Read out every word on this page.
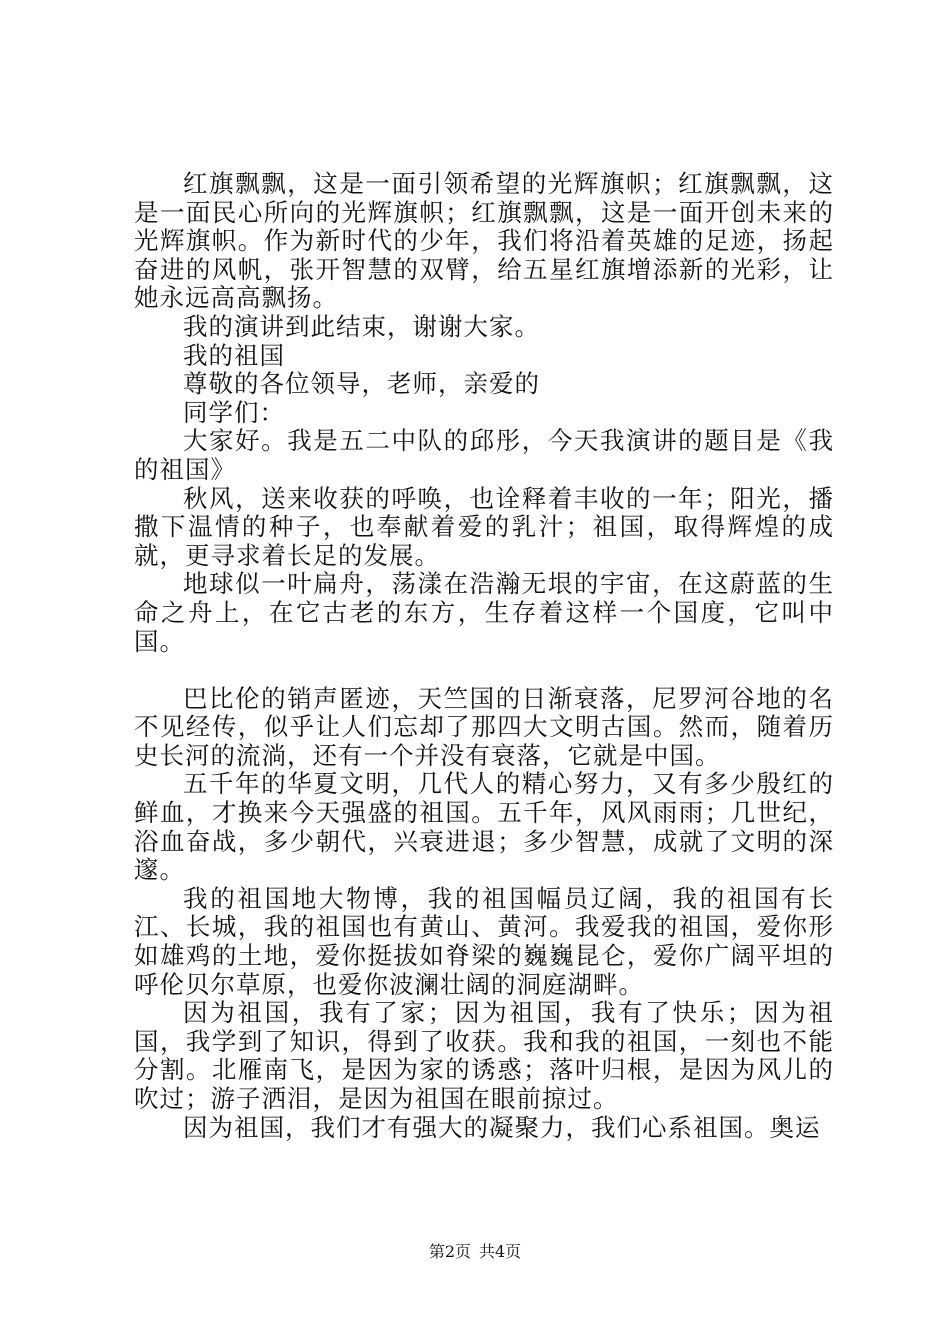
红旗飘飘，这是一面引领希望的光辉旗帜；红旗飘飘，这是一面民心所向的光辉旗帜；红旗飘飘，这是一面开创未来的光辉旗帜。作为新时代的少年，我们将沿着英雄的足迹，扬起奋进的风帆，张开智慧的双臂，给五星红旗增添新的光彩，让她永远高高飘扬。

我的演讲到此结束，谢谢大家。

我的祖国

尊敬的各位领导，老师，亲爱的

同学们：

大家好。我是五二中队的邱彤，今天我演讲的题目是《我的祖国》

秋风，送来收获的呼唤，也诠释着丰收的一年；阳光，播撒下温情的种子，也奉献着爱的乳汁；祖国，取得辉煌的成就，更寻求着长足的发展。

地球似一叶扁舟，荡漾在浩瀚无垠的宇宙，在这蔚蓝的生命之舟上，在它古老的东方，生存着这样一个国度，它叫中国。

巴比伦的销声匿迹，天竺国的日渐衰落，尼罗河谷地的名不见经传，似乎让人们忘却了那四大文明古国。然而，随着历史长河的流淌，还有一个并没有衰落，它就是中国。

五千年的华夏文明，几代人的精心努力，又有多少殷红的鲜血，才换来今天强盛的祖国。五千年，风风雨雨；几世纪，浴血奋战，多少朝代，兴衰进退；多少智慧，成就了文明的深邃。

我的祖国地大物博，我的祖国幅员辽阔，我的祖国有长江、长城，我的祖国也有黄山、黄河。我爱我的祖国，爱你形如雄鸡的土地，爱你挺拔如脊梁的巍巍昆仑，爱你广阔平坦的呼伦贝尔草原，也爱你波澜壮阔的洞庭湖畔。

因为祖国，我有了家；因为祖国，我有了快乐；因为祖国，我学到了知识，得到了收获。我和我的祖国，一刻也不能分割。北雁南飞，是因为家的诱惑；落叶归根，是因为风儿的吹过；游子洒泪，是因为祖国在眼前掠过。

因为祖国，我们才有强大的凝聚力，我们心系祖国。奥运

第2页 共4页
